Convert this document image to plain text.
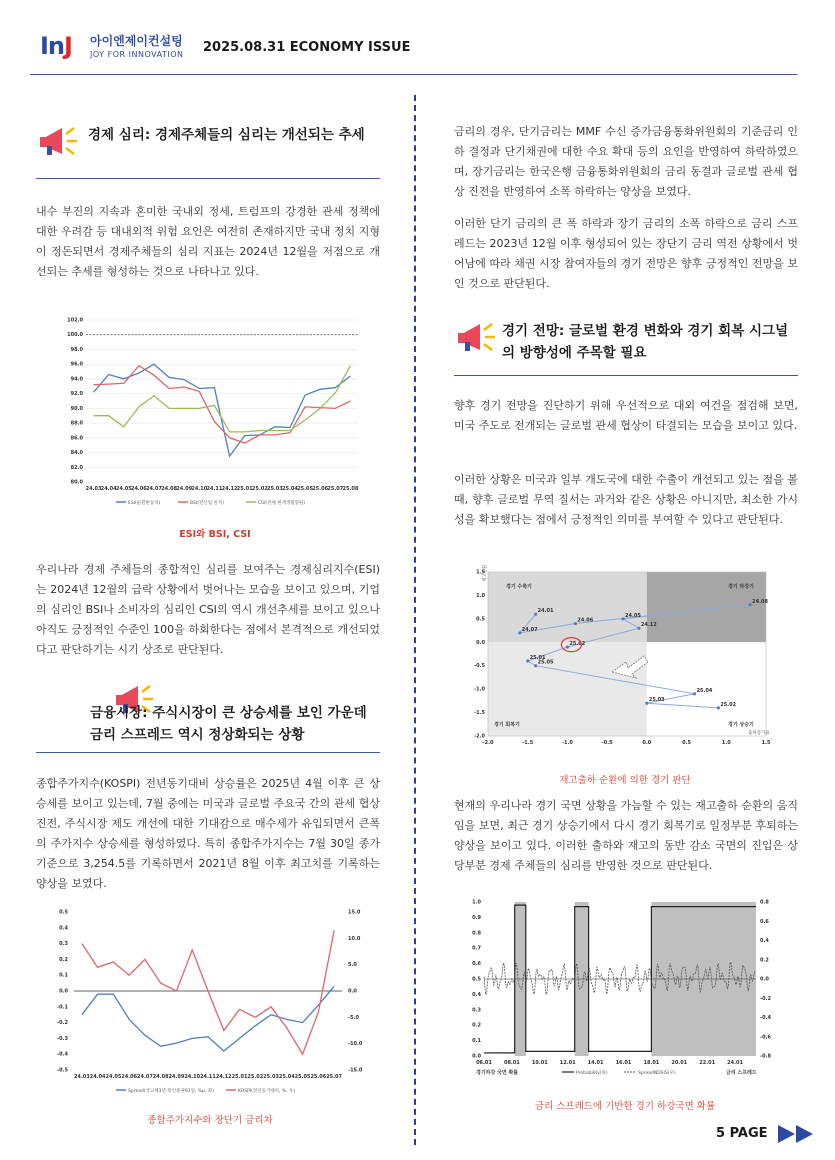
InJ 아이엔제이컨설팅
JOY FOR INNOVATION 2025.08.31 ECONOMY ISSUE
경제 심리: 경제주체들의 심리는 개선되는 추세
내수 부진의 지속과 혼미한 국내외 정세, 트럼프의 강경한 관세 정책에 대한 우려감 등 대내외적 위험 요인은 여전히 존재하지만 국내 정치 지형이 정돈되면서 경제주체들의 심리 지표는 2024년 12월을 저점으로 개선되는 추세를 형성하는 것으로 나타나고 있다.
102.0
100.0
98.0
96.0
94.0
92.0
90.0
88.0
86.0
84.0
82.0
80.0
24.03 24.04 24.05 24.06 24.07 24.08 24.09 24.10 24.11 24.12 25.01 25.02 25.03 25.04 25.05 25.06 25.07 25.08
ESI(순환변동치)	BSI(전산업 실적)	CSI(전체 현재생활형편)
ESI와 BSI, CSI
우리나라 경제 주체들의 종합적인 심리를 보여주는 경제심리지수(ESI)는 2024년 12월의 급락 상황에서 벗어나는 모습을 보이고 있으며, 기업의 심리인 BSI나 소비자의 심리인 CSI의 역시 개선추세를 보이고 있으나 아직도 긍정적인 수준인 100을 하회한다는 점에서 본격적으로 개선되었다고 판단하기는 시기 상조로 판단된다.
금융시장: 주식시장이 큰 상승세를 보인 가운데 금리 스프레드 역시 정상화되는 상황
종합주가지수(KOSPI) 전년동기대비 상승률은 2025년 4월 이후 큰 상승세를 보이고 있는데, 7월 중에는 미국과 글로벌 주요국 간의 관세 협상 진전, 주식시장 제도 개선에 대한 기대감으로 매수세가 유입되면서 큰폭의 주가지수 상승세를 형성하였다. 특히 종합주가지수는 7월 30일 종가 기준으로 3,254.5를 기록하면서 2021년 8월 이후 최고치를 기록하는 양상을 보였다.
0.5
0.4
0.3
0.2
0.1
0.0
-0.1
-0.2
-0.3
-0.4
-0.5
15.0
10.0
5.0
0.0
-5.0
-10.0
-15.0
24.03 24.04 24.05 24.06 24.07 24.08 24.09 24.10 24.11 24.12 25.01 25.02 25.03 25.04 25.05 25.06 25.07
Spread(국고채3년-통안증권91일, %p, 좌)	KOSPI(전년동기대비, %, 우)
종합주가지수와 장단기 금리차
금리의 경우, 단기금리는 MMF 수신 증가금융통화위원회의 기준금리 인하 결정과 단기채권에 대한 수요 확대 등의 요인을 반영하여 하락하였으며, 장기금리는 한국은행 금융통화위원회의 금리 동결과 글로벌 관세 협상 진전을 반영하여 소폭 하락하는 양상을 보였다.
이러한 단기 금리의 큰 폭 하락과 장기 금리의 소폭 하락으로 금리 스프레드는 2023년 12월 이후 형성되어 있는 장단기 금리 역전 상황에서 벗어남에 따라 채권 시장 참여자들의 경기 전망은 향후 긍정적인 전망을 보인 것으로 판단된다.
경기 전망: 글로벌 환경 변화와 경기 회복 시그널의 방향성에 주목할 필요
향후 경기 전망을 진단하기 위해 우선적으로 대외 여건을 점검해 보면, 미국 주도로 전개되는 글로벌 관세 협상이 타결되는 모습을 보이고 있다.
이러한 상황은 미국과 일부 개도국에 대한 수출이 개선되고 있는 점을 볼 때, 향후 글로벌 무역 질서는 과거와 같은 상황은 아니지만, 최소한 가시성을 확보했다는 점에서 긍정적인 의미를 부여할 수 있다고 판단된다.
-2.0	-1.5	-1.0	-0.5	0.0	0.5	1.0	1.5
1.5
1.0
0.5
0.0
-0.5
-1.0
-1.5
-2.0
경기 수축기	경기 하강기
경기 회복기	경기 상승기
재고순환
출하증가율
24.01
24.07
24.06
24.08
24.05
24.12
25.02
25.01
25.05
25.04
25.03
25.02
재고출하 순환에 의한 경기 판단
현재의 우리나라 경기 국면 상황을 가늠할 수 있는 재고출하 순환의 움직임을 보면, 최근 경기 상승기에서 다시 경기 회복기로 일정부분 후퇴하는 양상을 보이고 있다. 이러한 출하와 재고의 동반 감소 국면의 진입은 상당부분 경제 주체들의 심리를 반영한 것으로 판단된다.
1.0
0.9
0.8
0.7
0.6
0.5
0.4
0.3
0.2
0.1
0.0
0.8
0.6
0.4
0.2
0.0
-0.2
-0.4
-0.6
-0.8
06.01 08.01 10.01 12.01 14.01 16.01 18.01 20.01 22.01 24.01
경기하강 국면 확률	금리 스프레드
Probability(좌)	SpreadNDSIS(우)
금리 스프레드에 기반한 경기 하강국면 확률
5 PAGE
